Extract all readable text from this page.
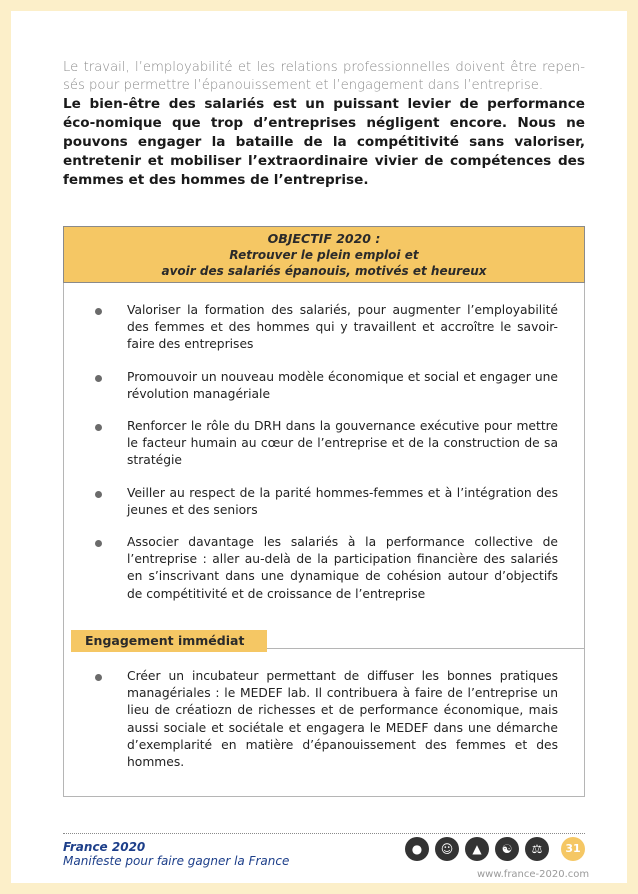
Le travail, l’employabilité et les relations professionnelles doivent être repen-sés pour permettre l’épanouissement et l’engagement dans l’entreprise.
Le bien-être des salariés est un puissant levier de performance éco-nomique que trop d’entreprises négligent encore. Nous ne pouvons engager la bataille de la compétitivité sans valoriser, entretenir et mobiliser l’extraordinaire vivier de compétences des femmes et des hommes de l’entreprise.
OBJECTIF 2020 :
Retrouver le plein emploi et
avoir des salariés épanouis, motivés et heureux
Valoriser la formation des salariés, pour augmenter l’employabilité des femmes et des hommes qui y travaillent et accroître le savoir-faire des entreprises
Promouvoir un nouveau modèle économique et social et engager une révolution managériale
Renforcer le rôle du DRH dans la gouvernance exécutive pour mettre le facteur humain au cœur de l’entreprise et de la construction de sa stratégie
Veiller au respect de la parité hommes-femmes et à l’intégration des jeunes et des seniors
Associer davantage les salariés à la performance collective de l’entreprise : aller au-delà de la participation financière des salariés en s’inscrivant dans une dynamique de cohésion autour d’objectifs de compétitivité et de croissance de l’entreprise
Engagement immédiat
Créer un incubateur permettant de diffuser les bonnes pratiques managériales : le MEDEF lab. Il contribuera à faire de l’entreprise un lieu de créatiozn de richesses et de performance économique, mais aussi sociale et sociétale et engagera le MEDEF dans une démarche d’exemplarité en matière d’épanouissement des femmes et des hommes.
France 2020
Manifeste pour faire gagner la France
●	☺	▲	☯	⚖	31
www.france-2020.com
